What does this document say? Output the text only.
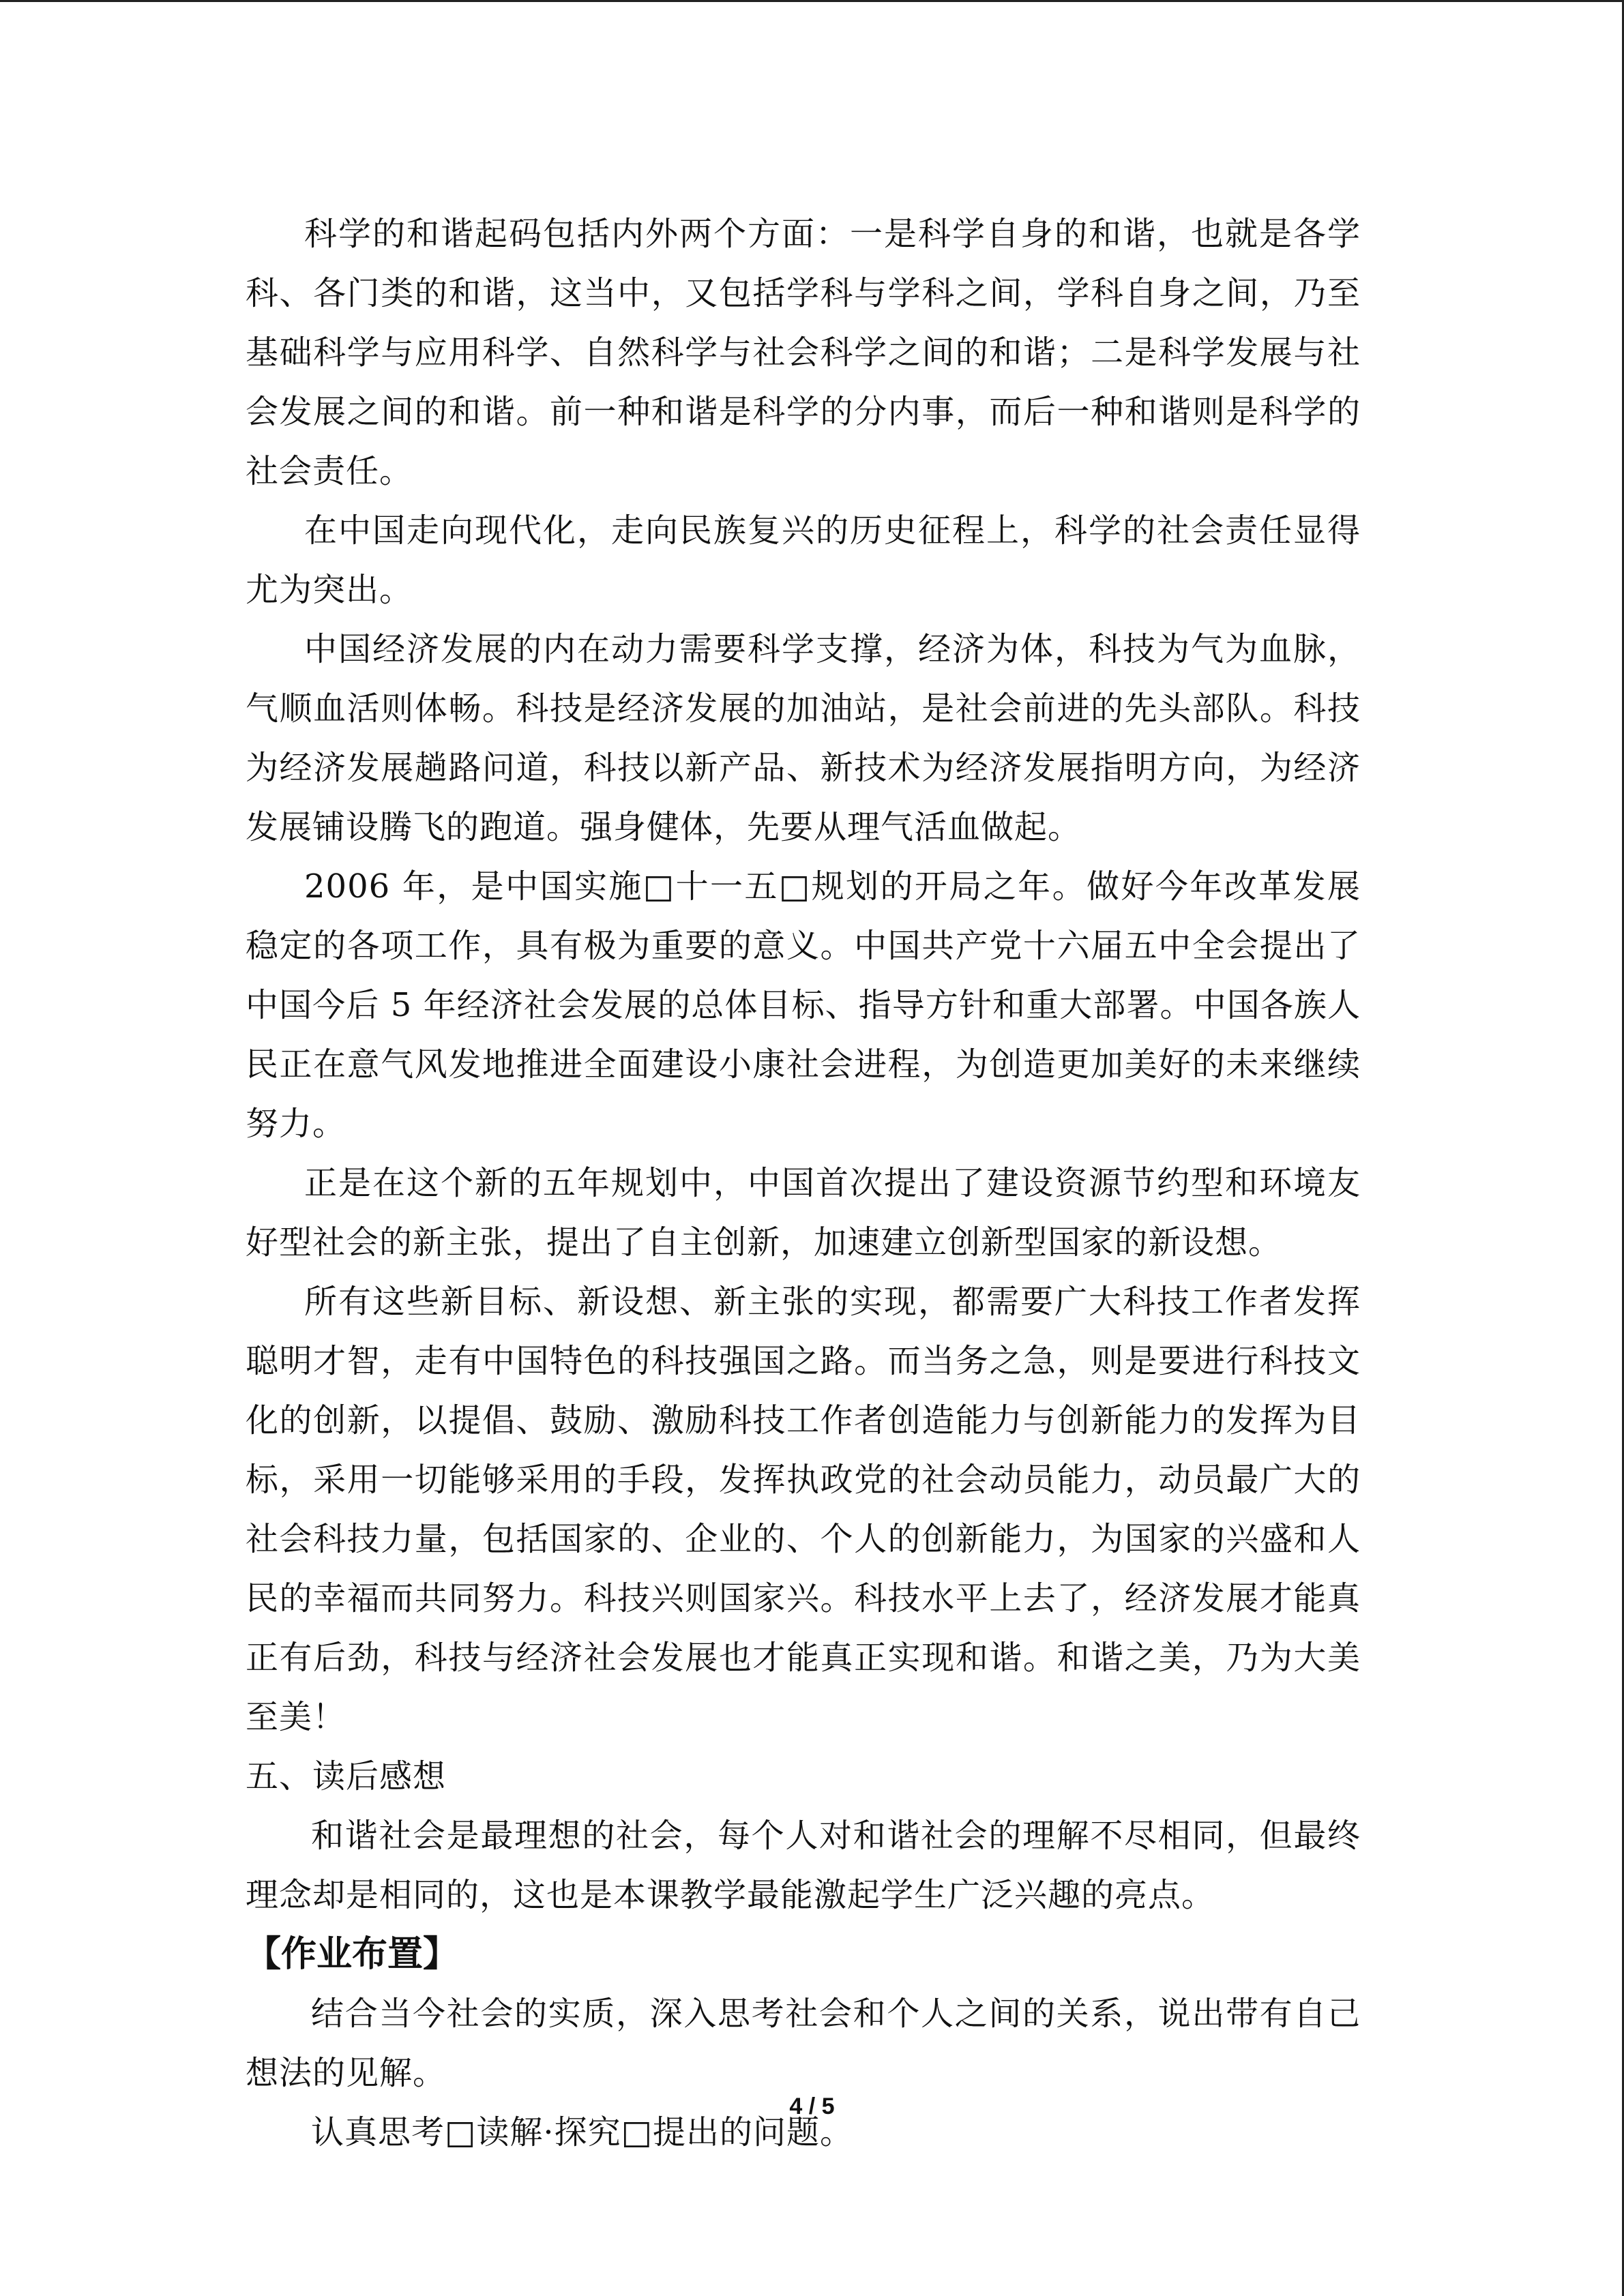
科学的和谐起码包括内外两个方面：一是科学自身的和谐，也就是各学科、各门类的和谐，这当中，又包括学科与学科之间，学科自身之间，乃至基础科学与应用科学、自然科学与社会科学之间的和谐；二是科学发展与社会发展之间的和谐。前一种和谐是科学的分内事，而后一种和谐则是科学的社会责任。

在中国走向现代化，走向民族复兴的历史征程上，科学的社会责任显得尤为突出。

中国经济发展的内在动力需要科学支撑，经济为体，科技为气为血脉，气顺血活则体畅。科技是经济发展的加油站，是社会前进的先头部队。科技为经济发展趟路问道，科技以新产品、新技术为经济发展指明方向，为经济发展铺设腾飞的跑道。强身健体，先要从理气活血做起。

2006 年，是中国实施□十一五□规划的开局之年。做好今年改革发展稳定的各项工作，具有极为重要的意义。中国共产党十六届五中全会提出了中国今后 5 年经济社会发展的总体目标、指导方针和重大部署。中国各族人民正在意气风发地推进全面建设小康社会进程，为创造更加美好的未来继续努力。

正是在这个新的五年规划中，中国首次提出了建设资源节约型和环境友好型社会的新主张，提出了自主创新，加速建立创新型国家的新设想。

所有这些新目标、新设想、新主张的实现，都需要广大科技工作者发挥聪明才智，走有中国特色的科技强国之路。而当务之急，则是要进行科技文化的创新，以提倡、鼓励、激励科技工作者创造能力与创新能力的发挥为目标，采用一切能够采用的手段，发挥执政党的社会动员能力，动员最广大的社会科技力量，包括国家的、企业的、个人的创新能力，为国家的兴盛和人民的幸福而共同努力。科技兴则国家兴。科技水平上去了，经济发展才能真正有后劲，科技与经济社会发展也才能真正实现和谐。和谐之美，乃为大美至美！

五、读后感想

和谐社会是最理想的社会，每个人对和谐社会的理解不尽相同，但最终理念却是相同的，这也是本课教学最能激起学生广泛兴趣的亮点。

【作业布置】

结合当今社会的实质，深入思考社会和个人之间的关系，说出带有自己想法的见解。

认真思考□读解·探究□提出的问题。

4 / 5
